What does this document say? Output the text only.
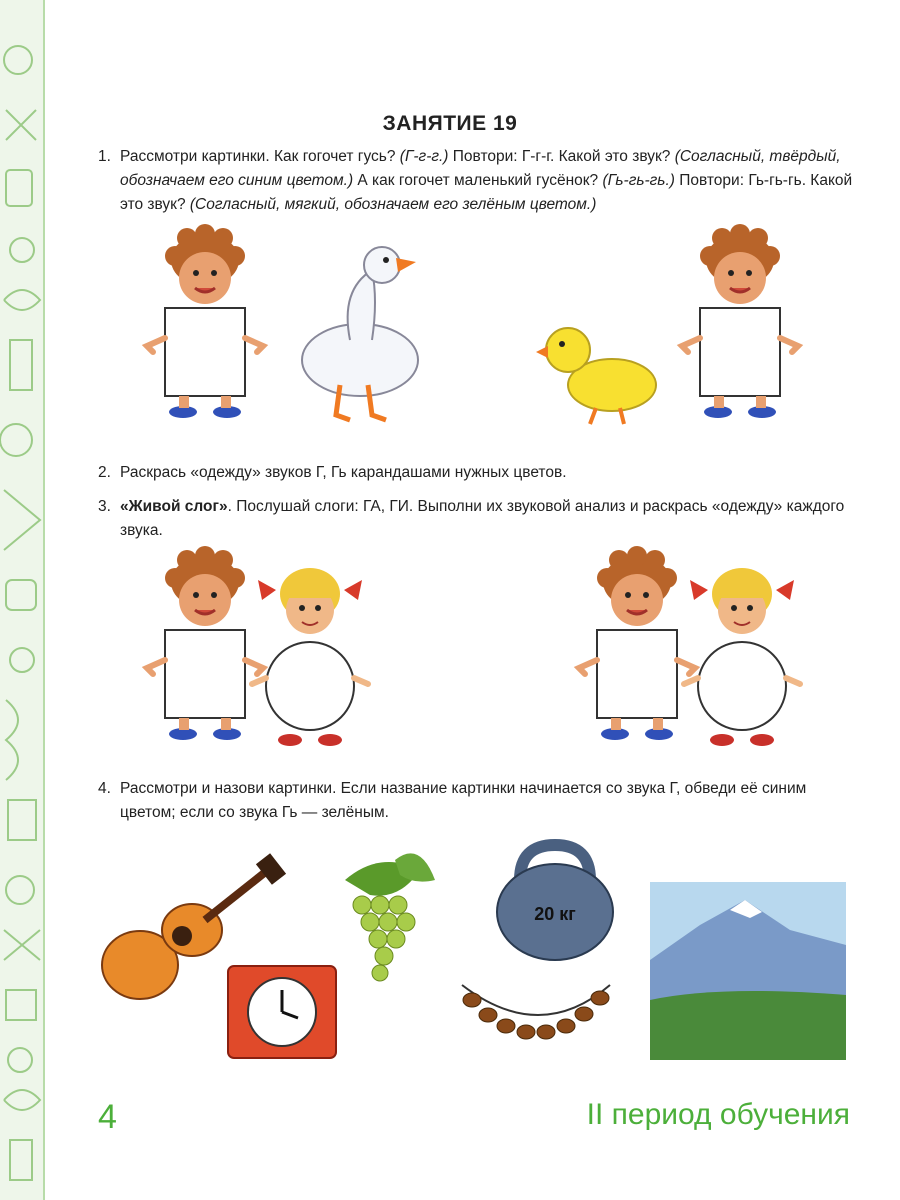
ЗАНЯТИЕ 19
1. Рассмотри картинки. Как гогочет гусь? (Г-г-г.) Повтори: Г-г-г. Какой это звук? (Согласный, твёрдый, обозначаем его синим цветом.) А как гогочет маленький гусёнок? (Гь-гь-гь.) Повтори: Гь-гь-гь. Какой это звук? (Согласный, мягкий, обозначаем его зелёным цветом.)
2. Раскрась «одежду» звуков Г, Гь карандашами нужных цветов.
3. «Живой слог». Послушай слоги: ГА, ГИ. Выполни их звуковой анализ и раскрась «одежду» каждого звука.
4. Рассмотри и назови картинки. Если название картинки начинается со звука Г, обведи её синим цветом; если со звука Гь — зелёным.
20 кг
4	II период обучения
